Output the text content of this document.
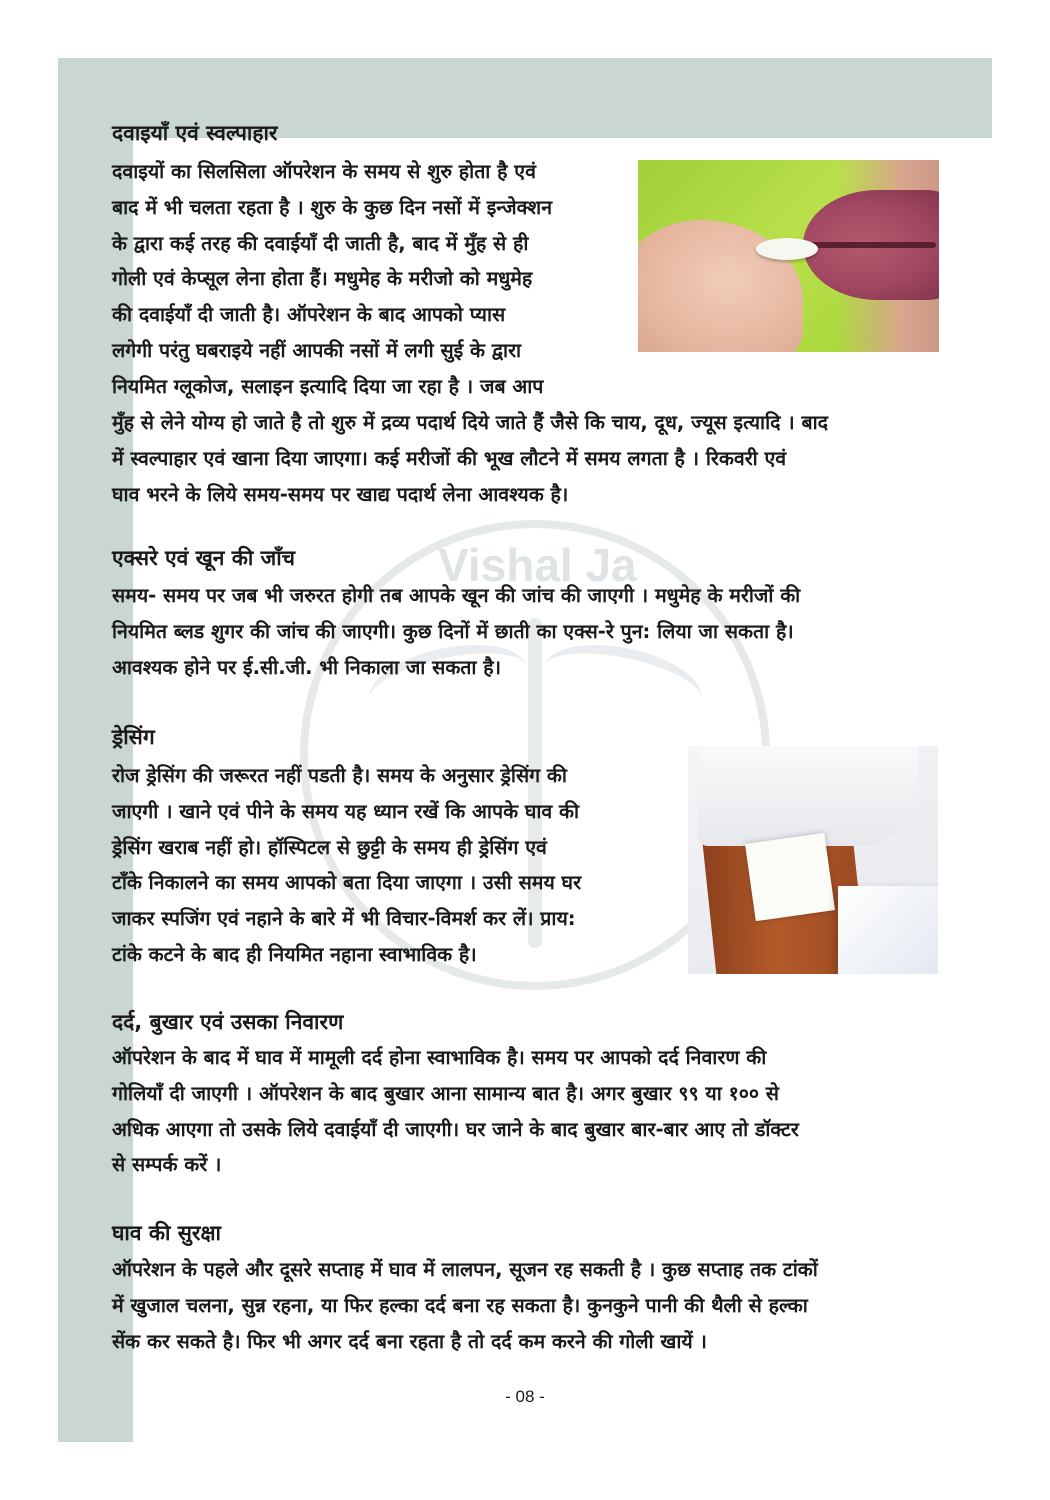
Vishal Ja
दवाइयाँ एवं स्वल्पाहार
दवाइयों का सिलसिला ऑपरेशन के समय से शुरु होता है एवं
बाद में भी चलता रहता है । शुरु के कुछ दिन नसों में इन्जेक्शन
के द्वारा कई तरह की दवाईयाँ दी जाती है, बाद में मुँह से ही
गोली एवं केप्सूल लेना होता हैं। मधुमेह के मरीजो को मधुमेह
की दवाईयाँ दी जाती है। ऑपरेशन के बाद आपको प्यास
लगेगी परंतु घबराइये नहीं आपकी नसों में लगी सुई के द्वारा
नियमित ग्लूकोज, सलाइन इत्यादि दिया जा रहा है । जब आप
मुँह से लेने योग्य हो जाते है तो शुरु में द्रव्य पदार्थ दिये जाते हैं जैसे कि चाय, दूध, ज्यूस इत्यादि । बाद
में स्वल्पाहार एवं खाना दिया जाएगा। कई मरीजों की भूख लौटने में समय लगता है । रिकवरी एवं
घाव भरने के लिये समय-समय पर खाद्य पदार्थ लेना आवश्यक है।
एक्सरे एवं खून की जाँच
समय- समय पर जब भी जरुरत होगी तब आपके खून की जांच की जाएगी । मधुमेह के मरीजों की
नियमित ब्लड शुगर की जांच की जाएगी। कुछ दिनों में छाती का एक्स-रे पुन: लिया जा सकता है।
आवश्यक होने पर ई.सी.जी. भी निकाला जा सकता है।
ड्रेसिंग
रोज ड्रेसिंग की जरूरत नहीं पडती है। समय के अनुसार ड्रेसिंग की
जाएगी । खाने एवं पीने के समय यह ध्यान रखें कि आपके घाव की
ड्रेसिंग खराब नहीं हो। हॉस्पिटल से छुट्टी के समय ही ड्रेसिंग एवं
टाँके निकालने का समय आपको बता दिया जाएगा । उसी समय घर
जाकर स्पजिंग एवं नहाने के बारे में भी विचार-विमर्श कर लें। प्राय:
टांके कटने के बाद ही नियमित नहाना स्वाभाविक है।
दर्द, बुखार एवं उसका निवारण
ऑपरेशन के बाद में घाव में मामूली दर्द होना स्वाभाविक है। समय पर आपको दर्द निवारण की
गोलियाँ दी जाएगी । ऑपरेशन के बाद बुखार आना सामान्य बात है। अगर बुखार ९९ या १०० से
अधिक आएगा तो उसके लिये दवाईयाँ दी जाएगी। घर जाने के बाद बुखार बार-बार आए तो डॉक्टर
से सम्पर्क करें ।
घाव की सुरक्षा
ऑपरेशन के पहले और दूसरे सप्ताह में घाव में लालपन, सूजन रह सकती है । कुछ सप्ताह तक टांकों
में खुजाल चलना, सुन्न रहना, या फिर हल्का दर्द बना रह सकता है। कुनकुने पानी की थैली से हल्का
सेंक कर सकते है। फिर भी अगर दर्द बना रहता है तो दर्द कम करने की गोली खायें ।
- 08 -
